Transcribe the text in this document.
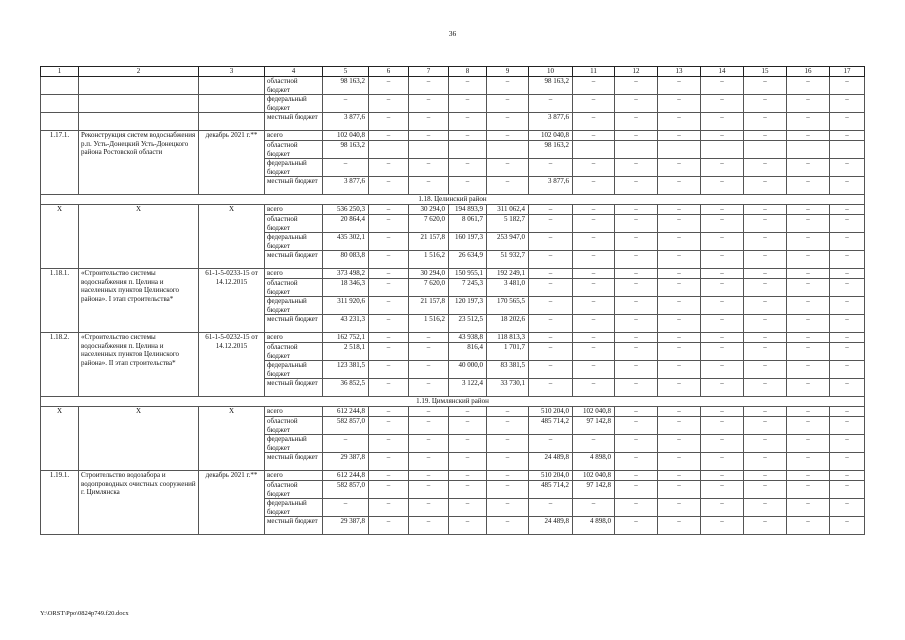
36
1	2	3	4	5	6	7	8	9	10	11	12	13	14	15	16	17
			областной бюджет	98 163,2	–	–	–	–	98 163,2	–	–	–	–	–	–	–
			федеральный бюджет	–	–	–	–	–	–	–	–	–	–	–	–	–
			местный бюджет	3 877,6	–	–	–	–	3 877,6	–	–	–	–	–	–	–
1.17.1.	Реконструкция систем водоснабжения р.п. Усть-Донецкий Усть-Донецкого района Ростовской области	декабрь 2021 г.**	всего	102 040,8	–	–	–	–	102 040,8	–	–	–	–	–	–	–
			областной бюджет	98 163,2					98 163,2							
			федеральный бюджет	–	–	–	–	–	–	–	–	–	–	–	–	–
			местный бюджет	3 877,6	–	–	–	–	3 877,6	–	–	–	–	–	–	–
1.18. Целинский район																
Х	Х	Х	всего	536 250,3	–	30 294,0	194 893,9	311 062,4	–	–	–	–	–	–	–	–
			областной бюджет	20 864,4	–	7 620,0	8 061,7	5 182,7	–	–	–	–	–	–	–	–
			федеральный бюджет	435 302,1	–	21 157,8	160 197,3	253 947,0	–	–	–	–	–	–	–	–
			местный бюджет	80 083,8	–	1 516,2	26 634,9	51 932,7	–	–	–	–	–	–	–	–
1.18.1.	«Строительство системы водоснабжения п. Целина и населенных пунктов Целинского района». I этап строительства*	61-1-5-0233-15 от 14.12.2015	всего	373 498,2	–	30 294,0	150 955,1	192 249,1	–	–	–	–	–	–	–	–
			областной бюджет	18 346,3	–	7 620,0	7 245,3	3 481,0	–	–	–	–	–	–	–	–
			федеральный бюджет	311 920,6	–	21 157,8	120 197,3	170 565,5	–	–	–	–	–	–	–	–
			местный бюджет	43 231,3	–	1 516,2	23 512,5	18 202,6	–	–	–	–	–	–	–	–
1.18.2.	«Строительство системы водоснабжения п. Целина и населенных пунктов Целинского района». II этап строительства*	61-1-5-0232-15 от 14.12.2015	всего	162 752,1	–	–	43 938,8	118 813,3	–	–	–	–	–	–	–	–
			областной бюджет	2 518,1	–	–	816,4	1 701,7	–	–	–	–	–	–	–	–
			федеральный бюджет	123 381,5	–	–	40 000,0	83 381,5	–	–	–	–	–	–	–	–
			местный бюджет	36 852,5	–	–	3 122,4	33 730,1	–	–	–	–	–	–	–	–
1.19. Цимлянский район																
Х	Х	Х	всего	612 244,8	–	–	–	–	510 204,0	102 040,8	–	–	–	–	–	–
			областной бюджет	582 857,0	–	–	–	–	485 714,2	97 142,8	–	–	–	–	–	–
			федеральный бюджет	–	–	–	–	–	–	–	–	–	–	–	–	–
			местный бюджет	29 387,8	–	–	–	–	24 489,8	4 898,0	–	–	–	–	–	–
1.19.1.	Строительство водозабора и водопроводных очистных сооружений г. Цимлянска	декабрь 2021 г.**	всего	612 244,8	–	–	–	–	510 204,0	102 040,8	–	–	–	–	–	–
			областной бюджет	582 857,0	–	–	–	–	485 714,2	97 142,8	–	–	–	–	–	–
			федеральный бюджет	–	–	–	–	–	–	–	–	–	–	–	–	–
			местный бюджет	29 387,8	–	–	–	–	24 489,8	4 898,0	–	–	–	–	–	–
Y:\ORST\Ppo\0824p749.f20.docx
